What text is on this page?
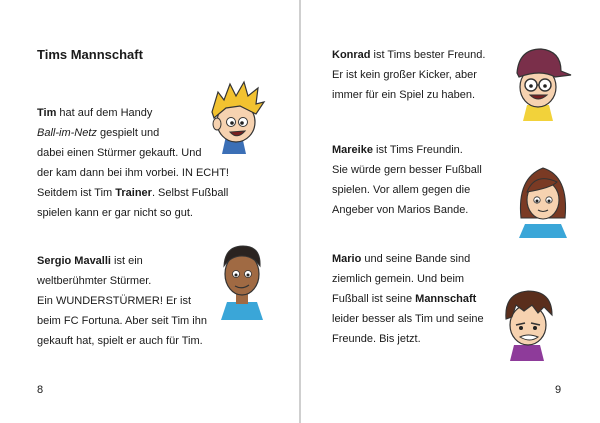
Tims Mannschaft

Tim hat auf dem Handy
Ball-im-Netz gespielt und
dabei einen Stürmer gekauft. Und
der kam dann bei ihm vorbei. IN ECHT!
Seitdem ist Tim Trainer. Selbst Fußball
spielen kann er gar nicht so gut.

Sergio Mavalli ist ein
weltberühmter Stürmer.
Ein WUNDERSTÜRMER! Er ist
beim FC Fortuna. Aber seit Tim ihn
gekauft hat, spielt er auch für Tim.

8

Konrad ist Tims bester Freund.
Er ist kein großer Kicker, aber
immer für ein Spiel zu haben.

Mareike ist Tims Freundin.
Sie würde gern besser Fußball
spielen. Vor allem gegen die
Angeber von Marios Bande.

Mario und seine Bande sind
ziemlich gemein. Und beim
Fußball ist seine Mannschaft
leider besser als Tim und seine
Freunde. Bis jetzt.

9
